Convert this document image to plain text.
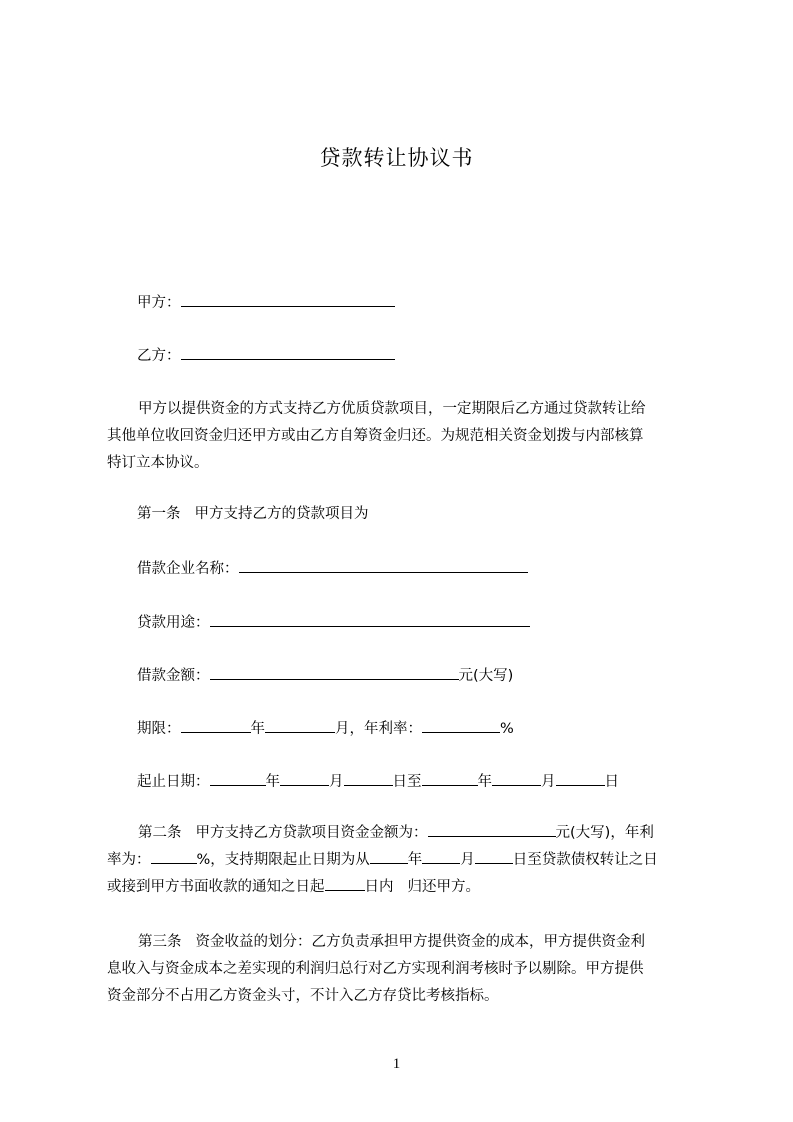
贷款转让协议书
甲方：
乙方：
甲方以提供资金的方式支持乙方优质贷款项目，一定期限后乙方通过贷款转让给
其他单位收回资金归还甲方或由乙方自筹资金归还。为规范相关资金划拨与内部核算
特订立本协议。
第一条 甲方支持乙方的贷款项目为
借款企业名称：
贷款用途：
借款金额：	元(大写)
期限：	年	月，年利率：	%
起止日期：	年	月	日至	年	月	日
第二条 甲方支持乙方贷款项目资金金额为：	元(大写)，年利
率为：	%，支持期限起止日期为从	年	月	日至贷款债权转让之日
或接到甲方书面收款的通知之日起	日内 归还甲方。
第三条 资金收益的划分：乙方负责承担甲方提供资金的成本，甲方提供资金利
息收入与资金成本之差实现的利润归总行对乙方实现利润考核时予以剔除。甲方提供
资金部分不占用乙方资金头寸，不计入乙方存贷比考核指标。
1
